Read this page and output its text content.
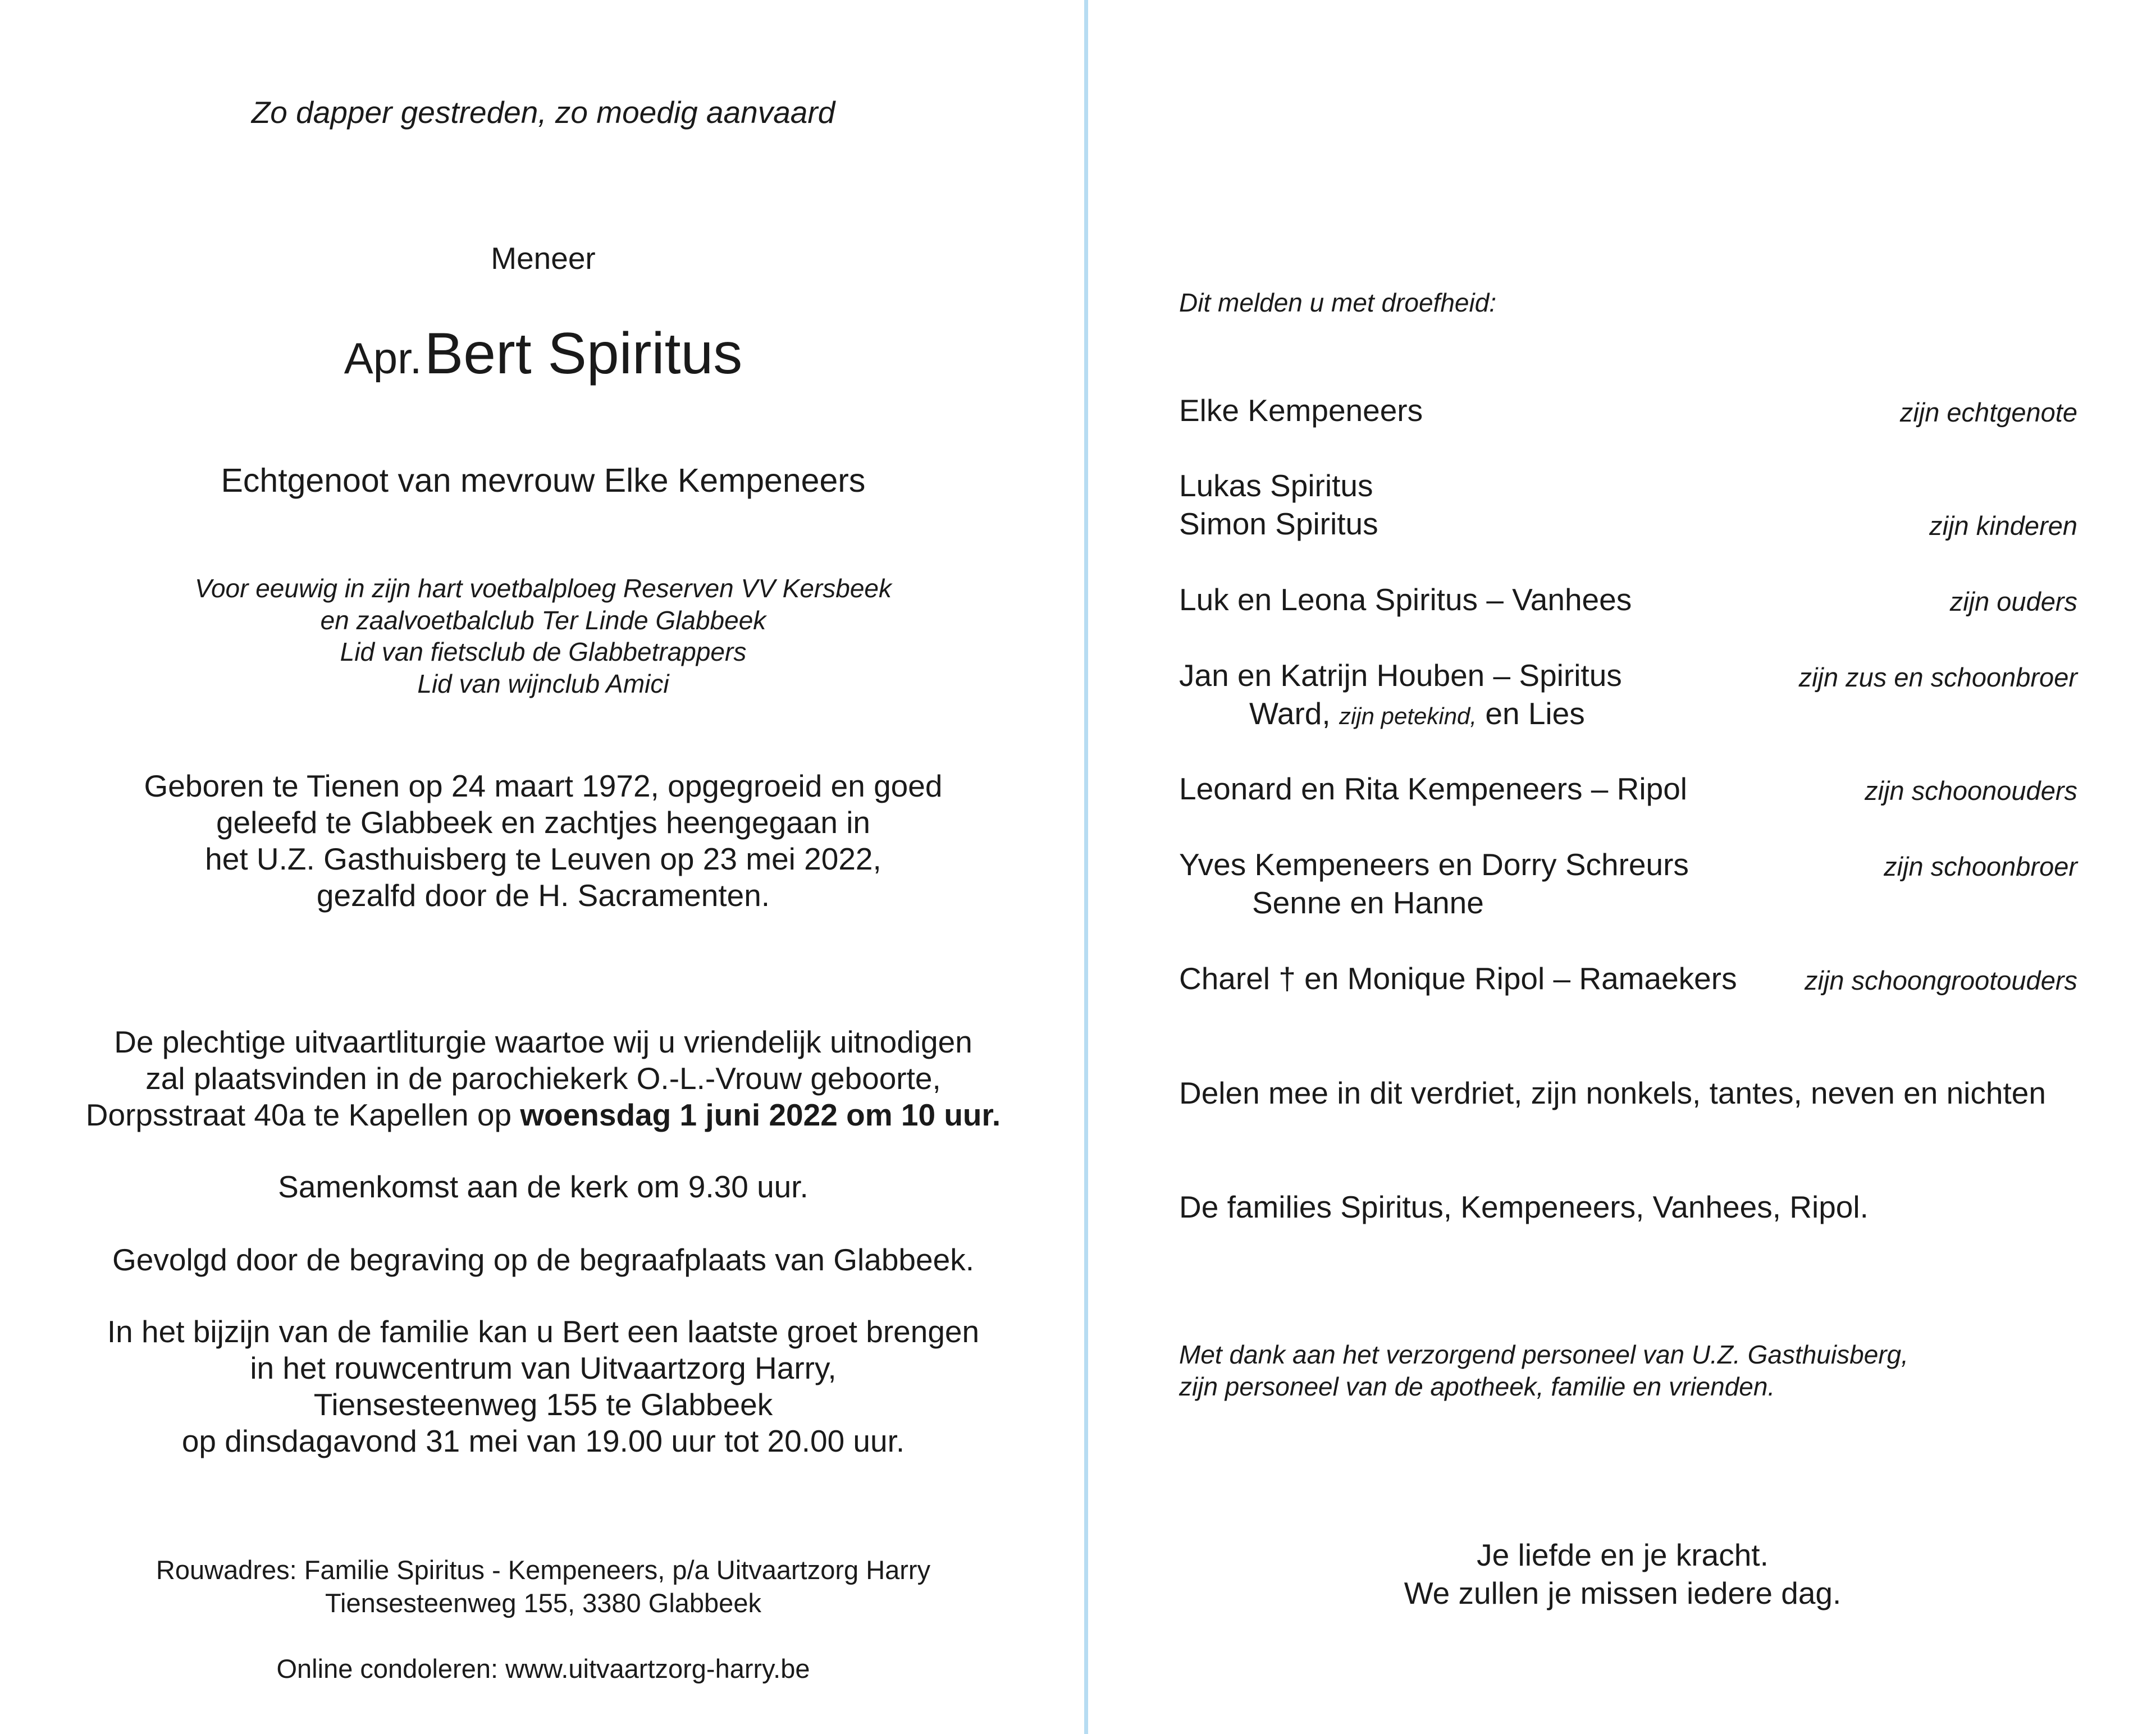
Zo dapper gestreden, zo moedig aanvaard
Meneer
Apr. Bert Spiritus
Echtgenoot van mevrouw Elke Kempeneers
Voor eeuwig in zijn hart voetbalploeg Reserven VV Kersbeek
en zaalvoetbalclub Ter Linde Glabbeek
Lid van fietsclub de Glabbetrappers
Lid van wijnclub Amici
Geboren te Tienen op 24 maart 1972, opgegroeid en goed
geleefd te Glabbeek en zachtjes heengegaan in
het U.Z. Gasthuisberg te Leuven op 23 mei 2022,
gezalfd door de H. Sacramenten.
De plechtige uitvaartliturgie waartoe wij u vriendelijk uitnodigen
zal plaatsvinden in de parochiekerk O.-L.-Vrouw geboorte,
Dorpsstraat 40a te Kapellen op woensdag 1 juni 2022 om 10 uur.
Samenkomst aan de kerk om 9.30 uur.
Gevolgd door de begraving op de begraafplaats van Glabbeek.
In het bijzijn van de familie kan u Bert een laatste groet brengen
in het rouwcentrum van Uitvaartzorg Harry,
Tiensesteenweg 155 te Glabbeek
op dinsdagavond 31 mei van 19.00 uur tot 20.00 uur.
Rouwadres: Familie Spiritus - Kempeneers, p/a Uitvaartzorg Harry
Tiensesteenweg 155, 3380 Glabbeek
Online condoleren: www.uitvaartzorg-harry.be
Dit melden u met droefheid:
Elke Kempeneers	zijn echtgenote
Lukas Spiritus
Simon Spiritus	zijn kinderen
Luk en Leona Spiritus – Vanhees	zijn ouders
Jan en Katrijn Houben – Spiritus	zijn zus en schoonbroer
Ward, zijn petekind, en Lies
Leonard en Rita Kempeneers – Ripol	zijn schoonouders
Yves Kempeneers en Dorry Schreurs	zijn schoonbroer
Senne en Hanne
Charel † en Monique Ripol – Ramaekers	zijn schoongrootouders
Delen mee in dit verdriet, zijn nonkels, tantes, neven en nichten
De families Spiritus, Kempeneers, Vanhees, Ripol.
Met dank aan het verzorgend personeel van U.Z. Gasthuisberg,
zijn personeel van de apotheek, familie en vrienden.
Je liefde en je kracht.
We zullen je missen iedere dag.
